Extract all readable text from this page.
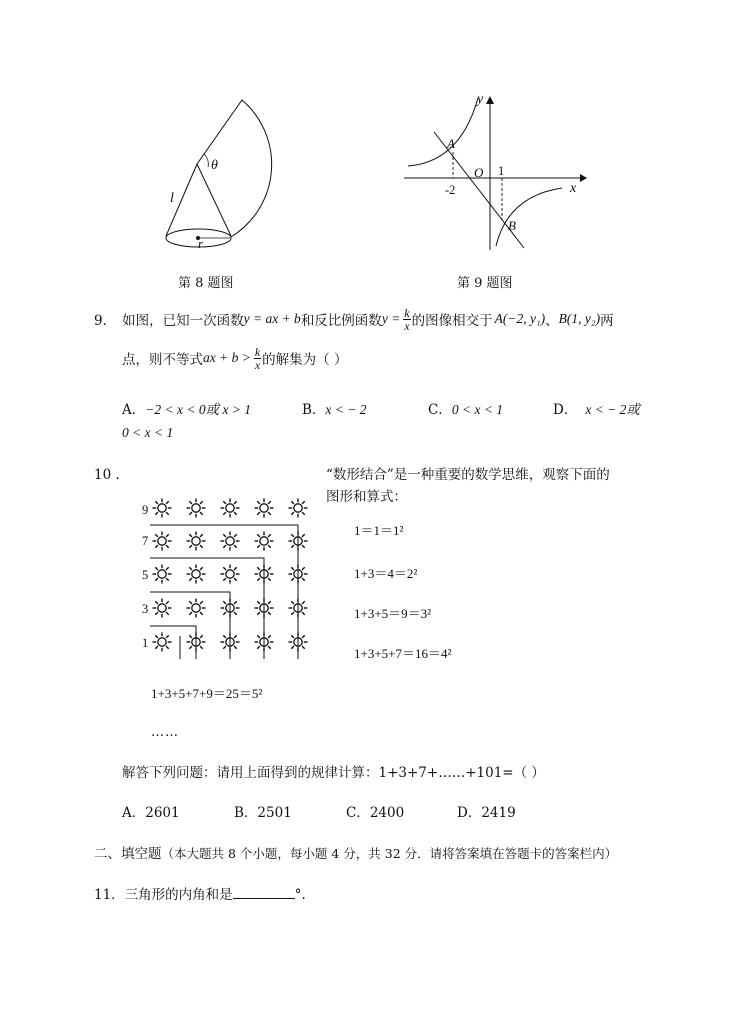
θ
l
r
第 8 题图
y
x
O
A
B
-2
1
第 9 题图
9． 如图，已知一次函数 y = ax + b 和反比例函数 $y = \frac{k}{x}$ 的图像相交于 A(−2, y₁) 、 B(1, y₂) 两
点，则不等式 ax + $b > \frac{k}{x}$ 的解集为（ ）
A．−2 < x < 0或 x > 1	B．x < − 2	C．0 < x < 1	D． x < − 2或
0 < x < 1
10 ．	“数形结合”是一种重要的数学思维，观察下面的
图形和算式：
9
7
5
3
1
1＝1＝1²
1+3＝4＝2²
1+3+5＝9＝3²
1+3+5+7＝16＝4²
1+3+5+7+9＝25＝5²
……
解答下列问题：请用上面得到的规律计算：1+3+7+……+101=（ ）
A．2601	B．2501	C．2400	D．2419
二、填空题（本大题共 8 个小题，每小题 4 分，共 32 分．请将答案填在答题卡的答案栏内）
11．三角形的内角和是	°.
